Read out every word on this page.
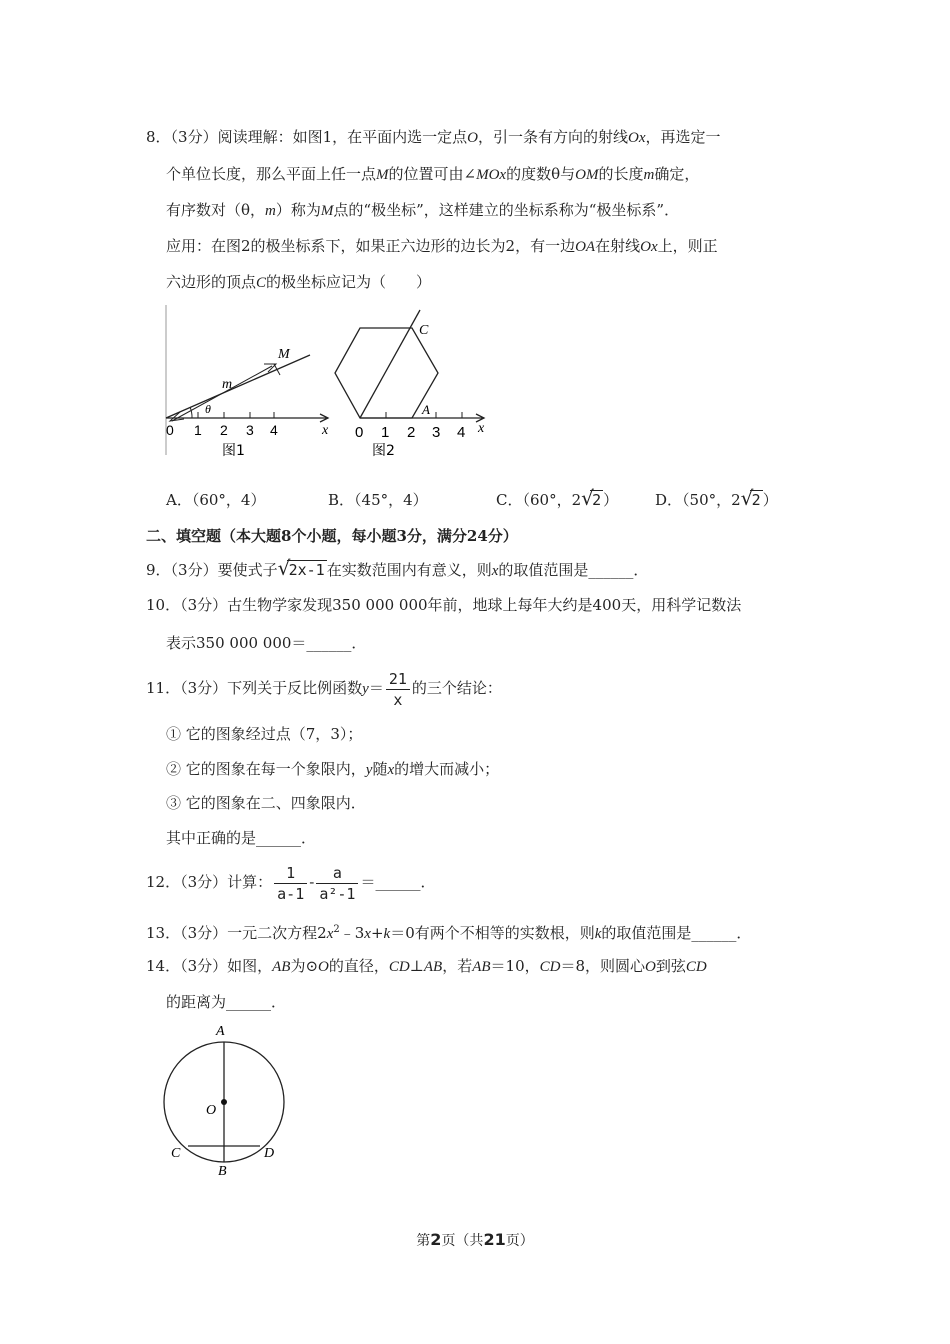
8．（3分）阅读理解：如图1，在平面内选一定点O，引一条有方向的射线Ox，再选定一
个单位长度，那么平面上任一点M的位置可由∠MOx的度数θ与OM的长度m确定，
有序数对（θ，m）称为M点的“极坐标”，这样建立的坐标系称为“极坐标系”．
应用：在图2的极坐标系下，如果正六边形的边长为2，有一边OA在射线Ox上，则正
六边形的顶点C的极坐标应记为（　　）
M
m
θ
0 1 2 3 4	x
图1
C
A
0 1 2 3 4 x
图2
A．（60°，4）	B．（45°，4）	C．（60°，2 √
2 ） D．（50°，2 √
2 ）
二、填空题（本大题8个小题，每小题3分，满分24分）
9．（3分）要使式子 √
2x-1 在实数范围内有意义，则x的取值范围是______．
10．（3分）古生物学家发现350 000 000年前，地球上每年大约是400天，用科学记数法
表示350 000 000＝______．
11．（3分）下列关于反比例函数$y= \frac{21}{x}$ 的三个结论：
① 它的图象经过点（7，3）；
② 它的图象在每一个象限内，y随x的增大而减小；
③ 它的图象在二、四象限内．
其中正确的是______．
12．（3分）计算： $\frac{1}{a-1} - \frac{a}{\text{a²-1}}$ ＝______．
13．（3分）一元二次方程$2x^2﹣3x+k=0$有两个不相等的实数根，则k的取值范围是______．
14．（3分）如图，AB为⊙O的直径，CD⊥AB，若AB＝10，CD＝8，则圆心O到弦CD
的距离为______．
A
O
C
B
D
第2页（共21页）
